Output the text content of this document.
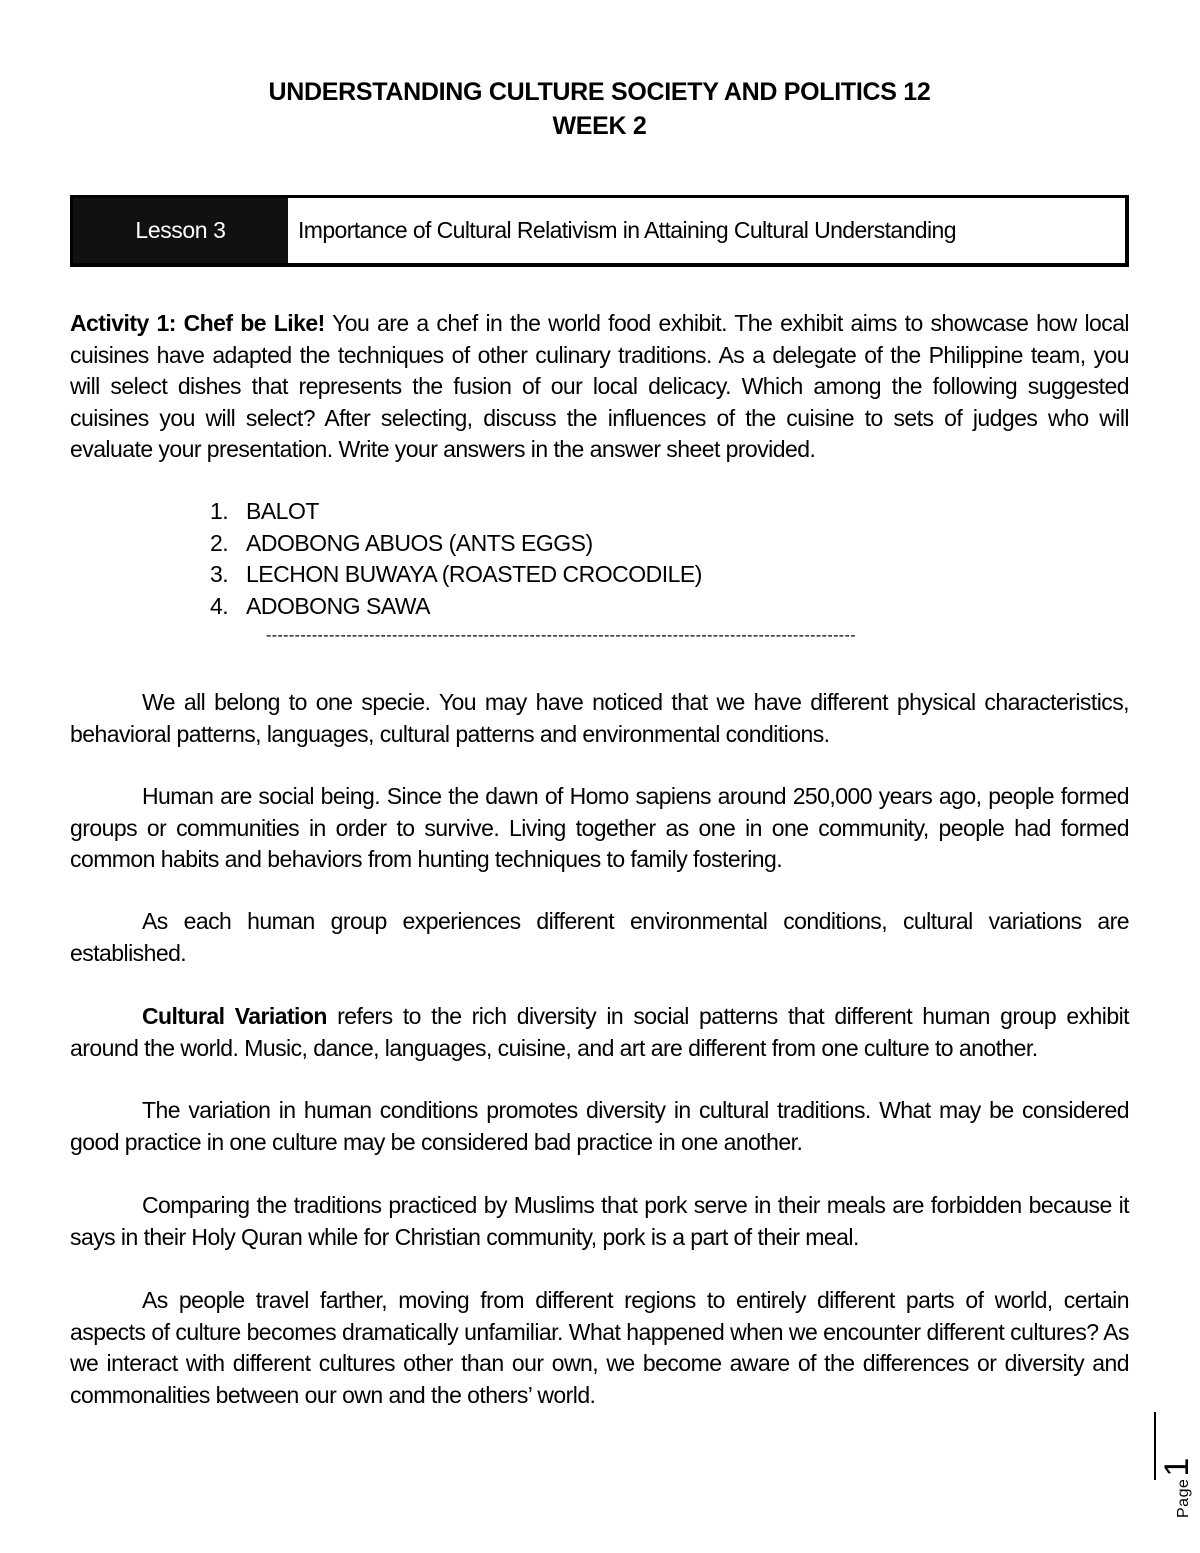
UNDERSTANDING CULTURE SOCIETY AND POLITICS 12
WEEK 2
Lesson 3	Importance of Cultural Relativism in Attaining Cultural Understanding
Activity 1: Chef be Like! You are a chef in the world food exhibit. The exhibit aims to showcase how local cuisines have adapted the techniques of other culinary traditions. As a delegate of the Philippine team, you will select dishes that represents the fusion of our local delicacy. Which among the following suggested cuisines you will select? After selecting, discuss the influences of the cuisine to sets of judges who will evaluate your presentation. Write your answers in the answer sheet provided.
1. BALOT
2. ADOBONG ABUOS (ANTS EGGS)
3. LECHON BUWAYA (ROASTED CROCODILE)
4. ADOBONG SAWA
-------------------------------------------------------------------------------------------------------
We all belong to one specie. You may have noticed that we have different physical characteristics, behavioral patterns, languages, cultural patterns and environmental conditions.
Human are social being. Since the dawn of Homo sapiens around 250,000 years ago, people formed groups or communities in order to survive. Living together as one in one community, people had formed common habits and behaviors from hunting techniques to family fostering.
As each human group experiences different environmental conditions, cultural variations are established.
Cultural Variation refers to the rich diversity in social patterns that different human group exhibit around the world. Music, dance, languages, cuisine, and art are different from one culture to another.
The variation in human conditions promotes diversity in cultural traditions. What may be considered good practice in one culture may be considered bad practice in one another.
Comparing the traditions practiced by Muslims that pork serve in their meals are forbidden because it says in their Holy Quran while for Christian community, pork is a part of their meal.
As people travel farther, moving from different regions to entirely different parts of world, certain aspects of culture becomes dramatically unfamiliar. What happened when we encounter different cultures? As we interact with different cultures other than our own, we become aware of the differences or diversity and commonalities between our own and the others’ world.
Page
1
